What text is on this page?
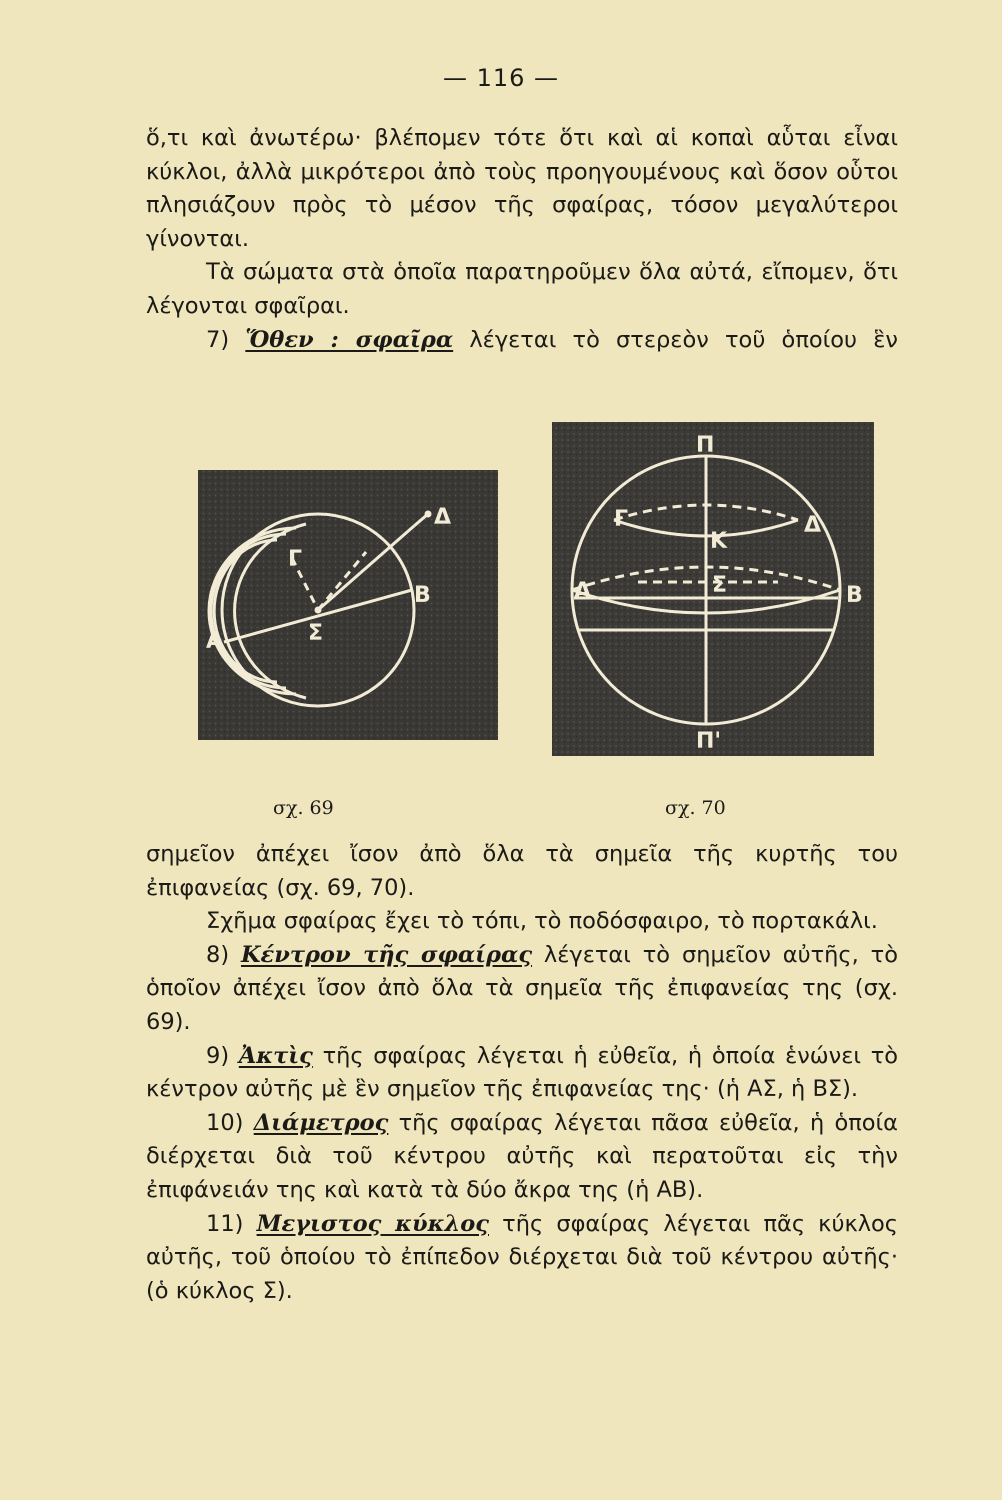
— 116 —

ὅ,τι καὶ ἀνωτέρω· βλέπομεν τότε ὅτι καὶ αἱ κοπαὶ αὗται εἶναι κύκλοι, ἀλλὰ μικρότεροι ἀπὸ τοὺς προηγουμένους καὶ ὅσον οὗτοι πλησιάζουν πρὸς τὸ μέσον τῆς σφαίρας, τόσον μεγαλύτεροι γίνονται.

Τὰ σώματα στὰ ὁποῖα παρατηροῦμεν ὅλα αὐτά, εἴπομεν, ὅτι λέγονται σφαῖραι.

7) Ὅθεν : σφαῖρα λέγεται τὸ στερεὸν τοῦ ὁποίου ἓν

Δ
Γ
Σ
Β
Α
σχ. 69
Π
Γ	Δ
Κ
Σ
Α	Β
Π'
σχ. 70

σημεῖον ἀπέχει ἴσον ἀπὸ ὅλα τὰ σημεῖα τῆς κυρτῆς του ἐπιφανείας (σχ. 69, 70).

Σχῆμα σφαίρας ἔχει τὸ τόπι, τὸ ποδόσφαιρο, τὸ πορτακάλι.

8) Κέντρον τῆς σφαίρας λέγεται τὸ σημεῖον αὐτῆς, τὸ ὁποῖον ἀπέχει ἴσον ἀπὸ ὅλα τὰ σημεῖα τῆς ἐπιφανείας της (σχ. 69).

9) Ἀκτὶς τῆς σφαίρας λέγεται ἡ εὐθεῖα, ἡ ὁποία ἑνώνει τὸ κέντρον αὐτῆς μὲ ἓν σημεῖον τῆς ἐπιφανείας της· (ἡ ΑΣ, ἡ ΒΣ).

10) Διάμετρος τῆς σφαίρας λέγεται πᾶσα εὐθεῖα, ἡ ὁποία διέρχεται διὰ τοῦ κέντρου αὐτῆς καὶ περατοῦται εἰς τὴν ἐπιφάνειάν της καὶ κατὰ τὰ δύο ἄκρα της (ἡ ΑΒ).

11) Μεγιστος κύκλος τῆς σφαίρας λέγεται πᾶς κύκλος αὐτῆς, τοῦ ὁποίου τὸ ἐπίπεδον διέρχεται διὰ τοῦ κέντρου αὐτῆς· (ὁ κύκλος Σ).
